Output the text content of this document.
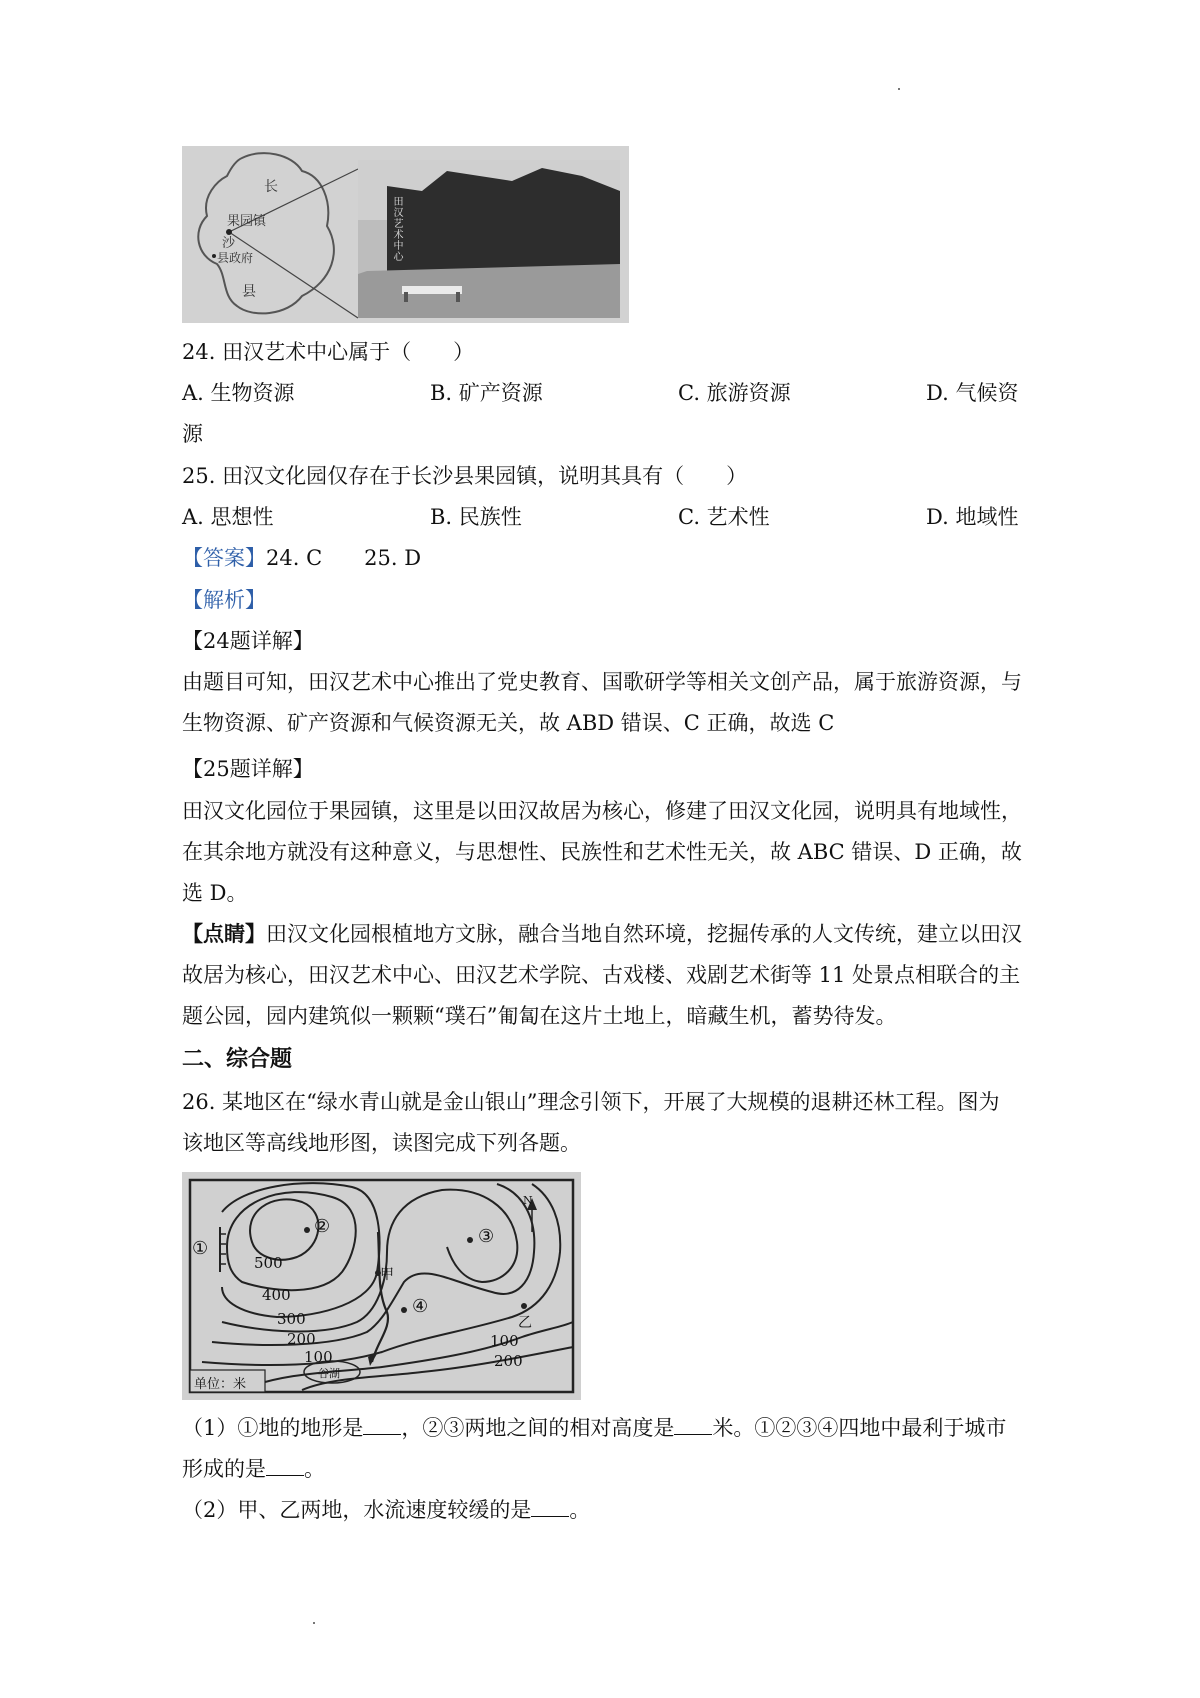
长
果园镇
沙
县政府
县
田汉艺术中心
24. 田汉艺术中心属于（　　）
A. 生物资源	B. 矿产资源	C. 旅游资源	D. 气候资
源
25. 田汉文化园仅存在于长沙县果园镇，说明其具有（　　）
A. 思想性	B. 民族性	C. 艺术性	D. 地域性
【答案】24. C　　25. D
【解析】
【24题详解】
由题目可知，田汉艺术中心推出了党史教育、国歌研学等相关文创产品，属于旅游资源，与
生物资源、矿产资源和气候资源无关，故 ABD 错误、C 正确，故选 C
【25题详解】
田汉文化园位于果园镇，这里是以田汉故居为核心，修建了田汉文化园，说明具有地域性，
在其余地方就没有这种意义，与思想性、民族性和艺术性无关，故 ABC 错误、D 正确，故
选 D。
【点睛】田汉文化园根植地方文脉，融合当地自然环境，挖掘传承的人文传统，建立以田汉
故居为核心，田汉艺术中心、田汉艺术学院、古戏楼、戏剧艺术街等 11 处景点相联合的主
题公园，园内建筑似一颗颗“璞石”匍匐在这片土地上，暗藏生机，蓄势待发。
二、综合题
26. 某地区在“绿水青山就是金山银山”理念引领下，开展了大规模的退耕还林工程。图为
该地区等高线地形图，读图完成下列各题。
500
400
300
200
100
100
200
①
②	③
④
甲
乙
N
单位：米
谷湖
（1）①地的地形是 ，②③两地之间的相对高度是 米。①②③④四地中最利于城市
形成的是 。
（2）甲、乙两地，水流速度较缓的是 。
